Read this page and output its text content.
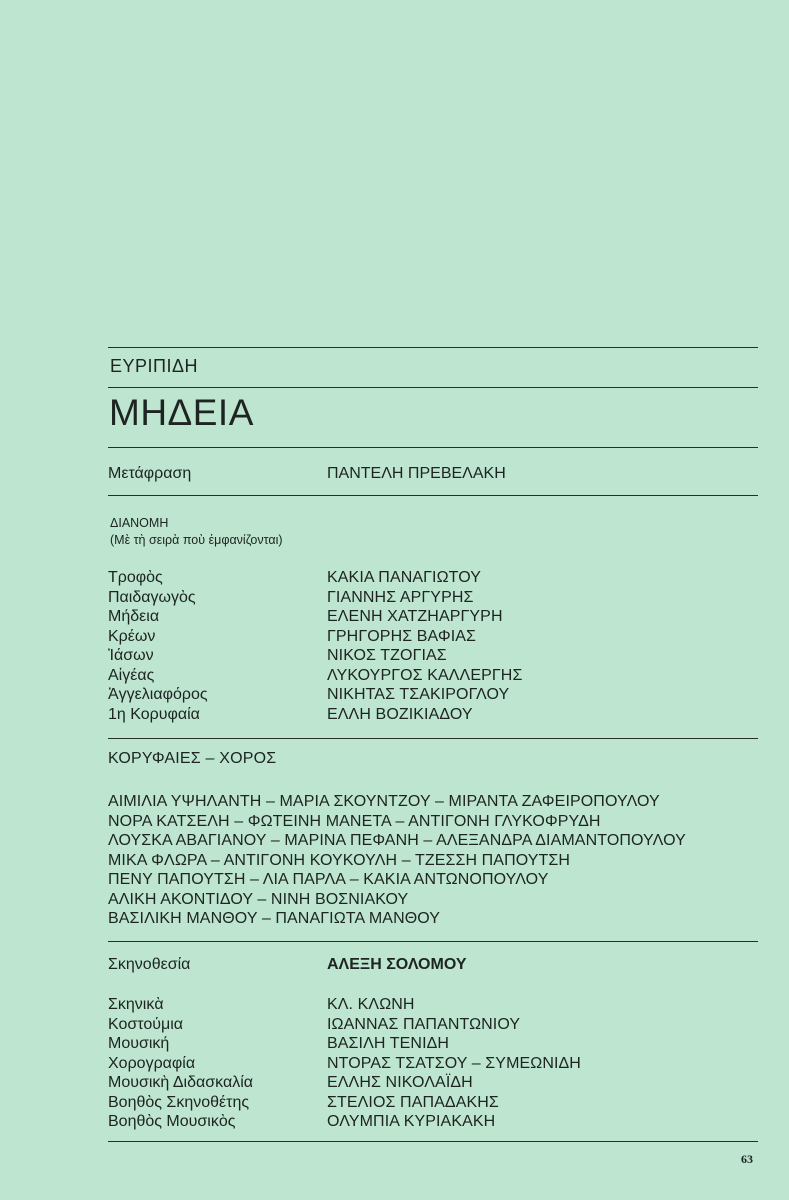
ΕΥΡΙΠΙΔΗ
ΜΗΔΕΙΑ
Μετάφραση	ΠΑΝΤΕΛΗ ΠΡΕΒΕΛΑΚΗ
ΔΙΑΝΟΜΗ
(Μὲ τὴ σειρὰ ποὺ ἐμφανίζονται)
Τροφὸς	ΚΑΚΙΑ ΠΑΝΑΓΙΩΤΟΥ
Παιδαγωγὸς	ΓΙΑΝΝΗΣ ΑΡΓΥΡΗΣ
Μήδεια	ΕΛΕΝΗ ΧΑΤΖΗΑΡΓΥΡΗ
Κρέων	ΓΡΗΓΟΡΗΣ ΒΑΦΙΑΣ
Ἰάσων	ΝΙΚΟΣ ΤΖΟΓΙΑΣ
Αἰγέας	ΛΥΚΟΥΡΓΟΣ ΚΑΛΛΕΡΓΗΣ
Ἀγγελιαφόρος	ΝΙΚΗΤΑΣ ΤΣΑΚΙΡΟΓΛΟΥ
1η Κορυφαία	ΕΛΛΗ ΒΟΖΙΚΙΑΔΟΥ
ΚΟΡΥΦΑΙΕΣ – ΧΟΡΟΣ
ΑΙΜΙΛΙΑ ΥΨΗΛΑΝΤΗ – ΜΑΡΙΑ ΣΚΟΥΝΤΖΟΥ – ΜΙΡΑΝΤΑ ΖΑΦΕΙΡΟΠΟΥΛΟΥ
ΝΟΡΑ ΚΑΤΣΕΛΗ – ΦΩΤΕΙΝΗ ΜΑΝΕΤΑ – ΑΝΤΙΓΟΝΗ ΓΛΥΚΟΦΡΥΔΗ
ΛΟΥΣΚΑ ΑΒΑΓΙΑΝΟΥ – ΜΑΡΙΝΑ ΠΕΦΑΝΗ – ΑΛΕΞΑΝΔΡΑ ΔΙΑΜΑΝΤΟΠΟΥΛΟΥ
ΜΙΚΑ ΦΛΩΡΑ – ΑΝΤΙΓΟΝΗ ΚΟΥΚΟΥΛΗ – ΤΖΕΣΣΗ ΠΑΠΟΥΤΣΗ
ΠΕΝΥ ΠΑΠΟΥΤΣΗ – ΛΙΑ ΠΑΡΛΑ – ΚΑΚΙΑ ΑΝΤΩΝΟΠΟΥΛΟΥ
ΑΛΙΚΗ ΑΚΟΝΤΙΔΟΥ – ΝΙΝΗ ΒΟΣΝΙΑΚΟΥ
ΒΑΣΙΛΙΚΗ ΜΑΝΘΟΥ – ΠΑΝΑΓΙΩΤΑ ΜΑΝΘΟΥ
Σκηνοθεσία	ΑΛΕΞΗ ΣΟΛΟΜΟΥ
Σκηνικὰ	ΚΛ. ΚΛΩΝΗ
Κοστούμια	ΙΩΑΝΝΑΣ ΠΑΠΑΝΤΩΝΙΟΥ
Μουσική	ΒΑΣΙΛΗ ΤΕΝΙΔΗ
Χορογραφία	ΝΤΟΡΑΣ ΤΣΑΤΣΟΥ – ΣΥΜΕΩΝΙΔΗ
Μουσικὴ Διδασκαλία	ΕΛΛΗΣ ΝΙΚΟΛΑΪΔΗ
Βοηθὸς Σκηνοθέτης	ΣΤΕΛΙΟΣ ΠΑΠΑΔΑΚΗΣ
Βοηθὸς Μουσικὸς	ΟΛΥΜΠΙΑ ΚΥΡΙΑΚΑΚΗ
63
